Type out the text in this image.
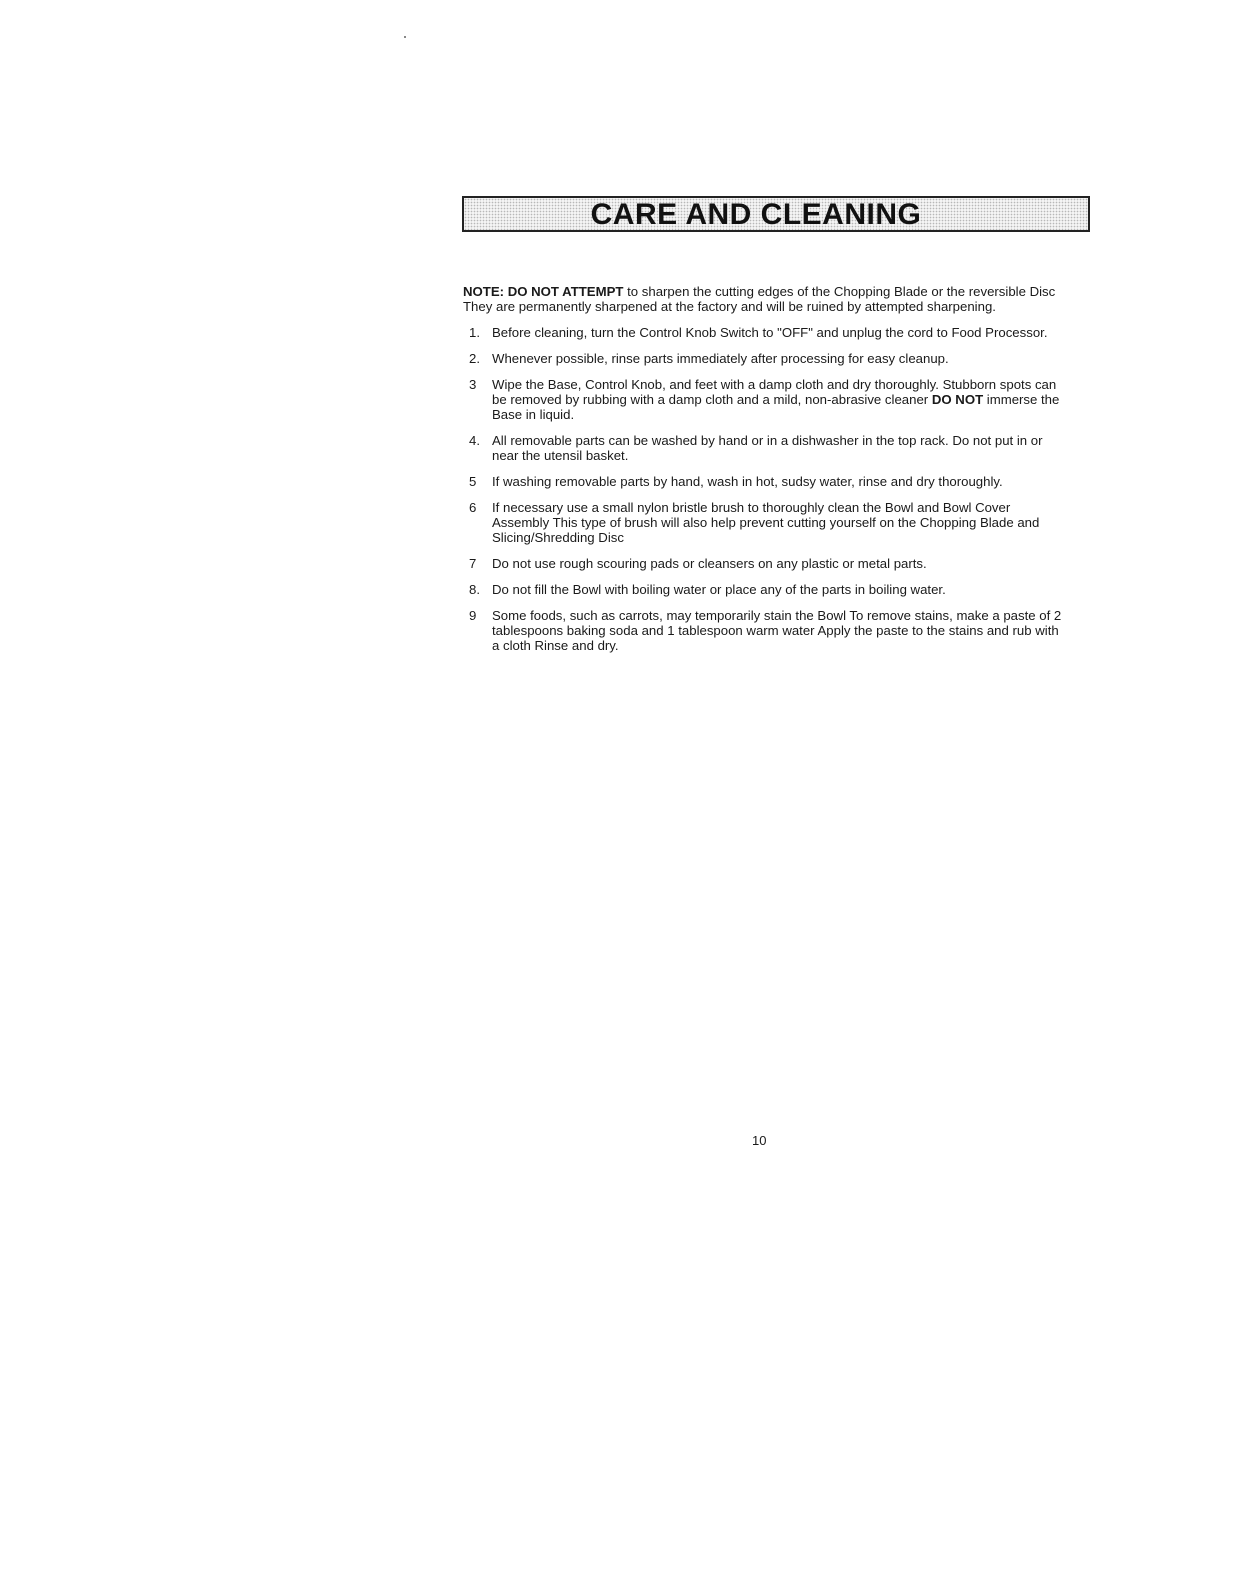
CARE AND CLEANING

NOTE: DO NOT ATTEMPT to sharpen the cutting edges of the Chopping Blade or the reversible Disc They are permanently sharpened at the factory and will be ruined by attempted sharpening.

1. Before cleaning, turn the Control Knob Switch to "OFF" and unplug the cord to Food Processor.
2. Whenever possible, rinse parts immediately after processing for easy cleanup.
3 Wipe the Base, Control Knob, and feet with a damp cloth and dry thoroughly. Stubborn spots can be removed by rubbing with a damp cloth and a mild, non-abrasive cleaner DO NOT immerse the Base in liquid.
4. All removable parts can be washed by hand or in a dishwasher in the top rack. Do not put in or near the utensil basket.
5 If washing removable parts by hand, wash in hot, sudsy water, rinse and dry thoroughly.
6 If necessary use a small nylon bristle brush to thoroughly clean the Bowl and Bowl Cover Assembly This type of brush will also help prevent cutting yourself on the Chopping Blade and Slicing/Shredding Disc
7 Do not use rough scouring pads or cleansers on any plastic or metal parts.
8. Do not fill the Bowl with boiling water or place any of the parts in boiling water.
9 Some foods, such as carrots, may temporarily stain the Bowl To remove stains, make a paste of 2 tablespoons baking soda and 1 tablespoon warm water Apply the paste to the stains and rub with a cloth Rinse and dry.
10
